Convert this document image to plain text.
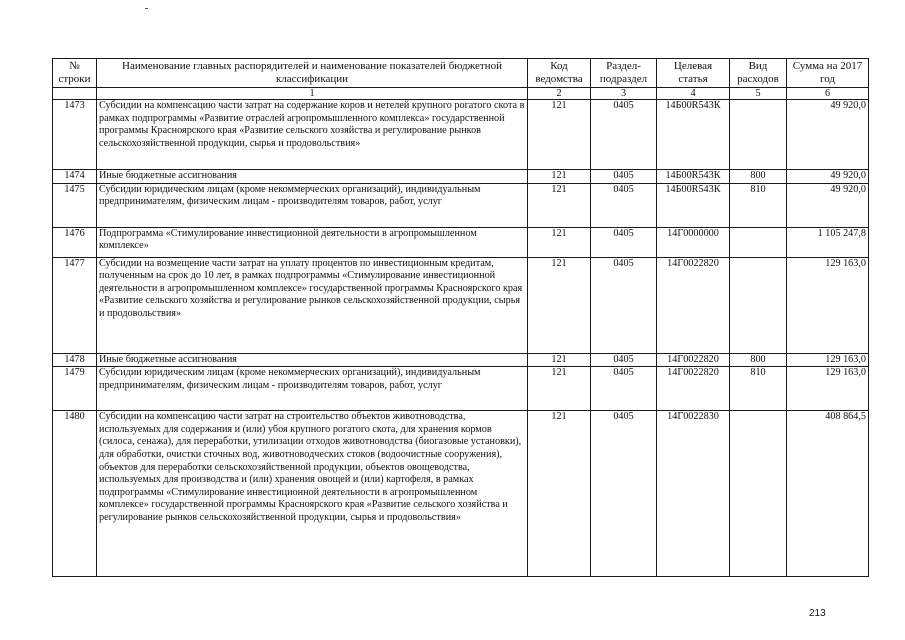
№ строки	Наименование главных распорядителей и наименование показателей бюджетной классификации	Код ведомства	Раздел-подраздел	Целевая статья	Вид расходов	Сумма на 2017 год
	1	2	3	4	5	6
1473	Субсидии на компенсацию части затрат на содержание коров и нетелей крупного рогатого скота в рамках подпрограммы «Развитие отраслей агропромышленного комплекса» государственной программы Красноярского края «Развитие сельского хозяйства и регулирование рынков сельскохозяйственной продукции, сырья и продовольствия»	121	0405	14Б00R543К		49 920,0
1474	Иные бюджетные ассигнования	121	0405	14Б00R543К	800	49 920,0
1475	Субсидии юридическим лицам (кроме некоммерческих организаций), индивидуальным предпринимателям, физическим лицам - производителям товаров, работ, услуг	121	0405	14Б00R543К	810	49 920,0
1476	Подпрограмма «Стимулирование инвестиционной деятельности в агропромышленном комплексе»	121	0405	14Г0000000		1 105 247,8
1477	Субсидии на возмещение части затрат на уплату процентов по инвестиционным кредитам, полученным на срок до 10 лет, в рамках подпрограммы «Стимулирование инвестиционной деятельности в агропромышленном комплексе» государственной программы Красноярского края «Развитие сельского хозяйства и регулирование рынков сельскохозяйственной продукции, сырья и продовольствия»	121	0405	14Г0022820		129 163,0
1478	Иные бюджетные ассигнования	121	0405	14Г0022820	800	129 163,0
1479	Субсидии юридическим лицам (кроме некоммерческих организаций), индивидуальным предпринимателям, физическим лицам - производителям товаров, работ, услуг	121	0405	14Г0022820	810	129 163,0
1480	Субсидии на компенсацию части затрат на строительство объектов животноводства, используемых для содержания и (или) убоя крупного рогатого скота, для хранения кормов (силоса, сенажа), для переработки, утилизации отходов животноводства (биогазовые установки), для обработки, очистки сточных вод, животноводческих стоков (водоочистные сооружения), объектов для переработки сельскохозяйственной продукции, объектов овощеводства, используемых для производства и (или) хранения овощей и (или) картофеля, в рамках подпрограммы «Стимулирование инвестиционной деятельности в агропромышленном комплексе» государственной программы Красноярского края «Развитие сельского хозяйства и регулирование рынков сельскохозяйственной продукции, сырья и продовольствия»	121	0405	14Г0022830		408 864,5
213
